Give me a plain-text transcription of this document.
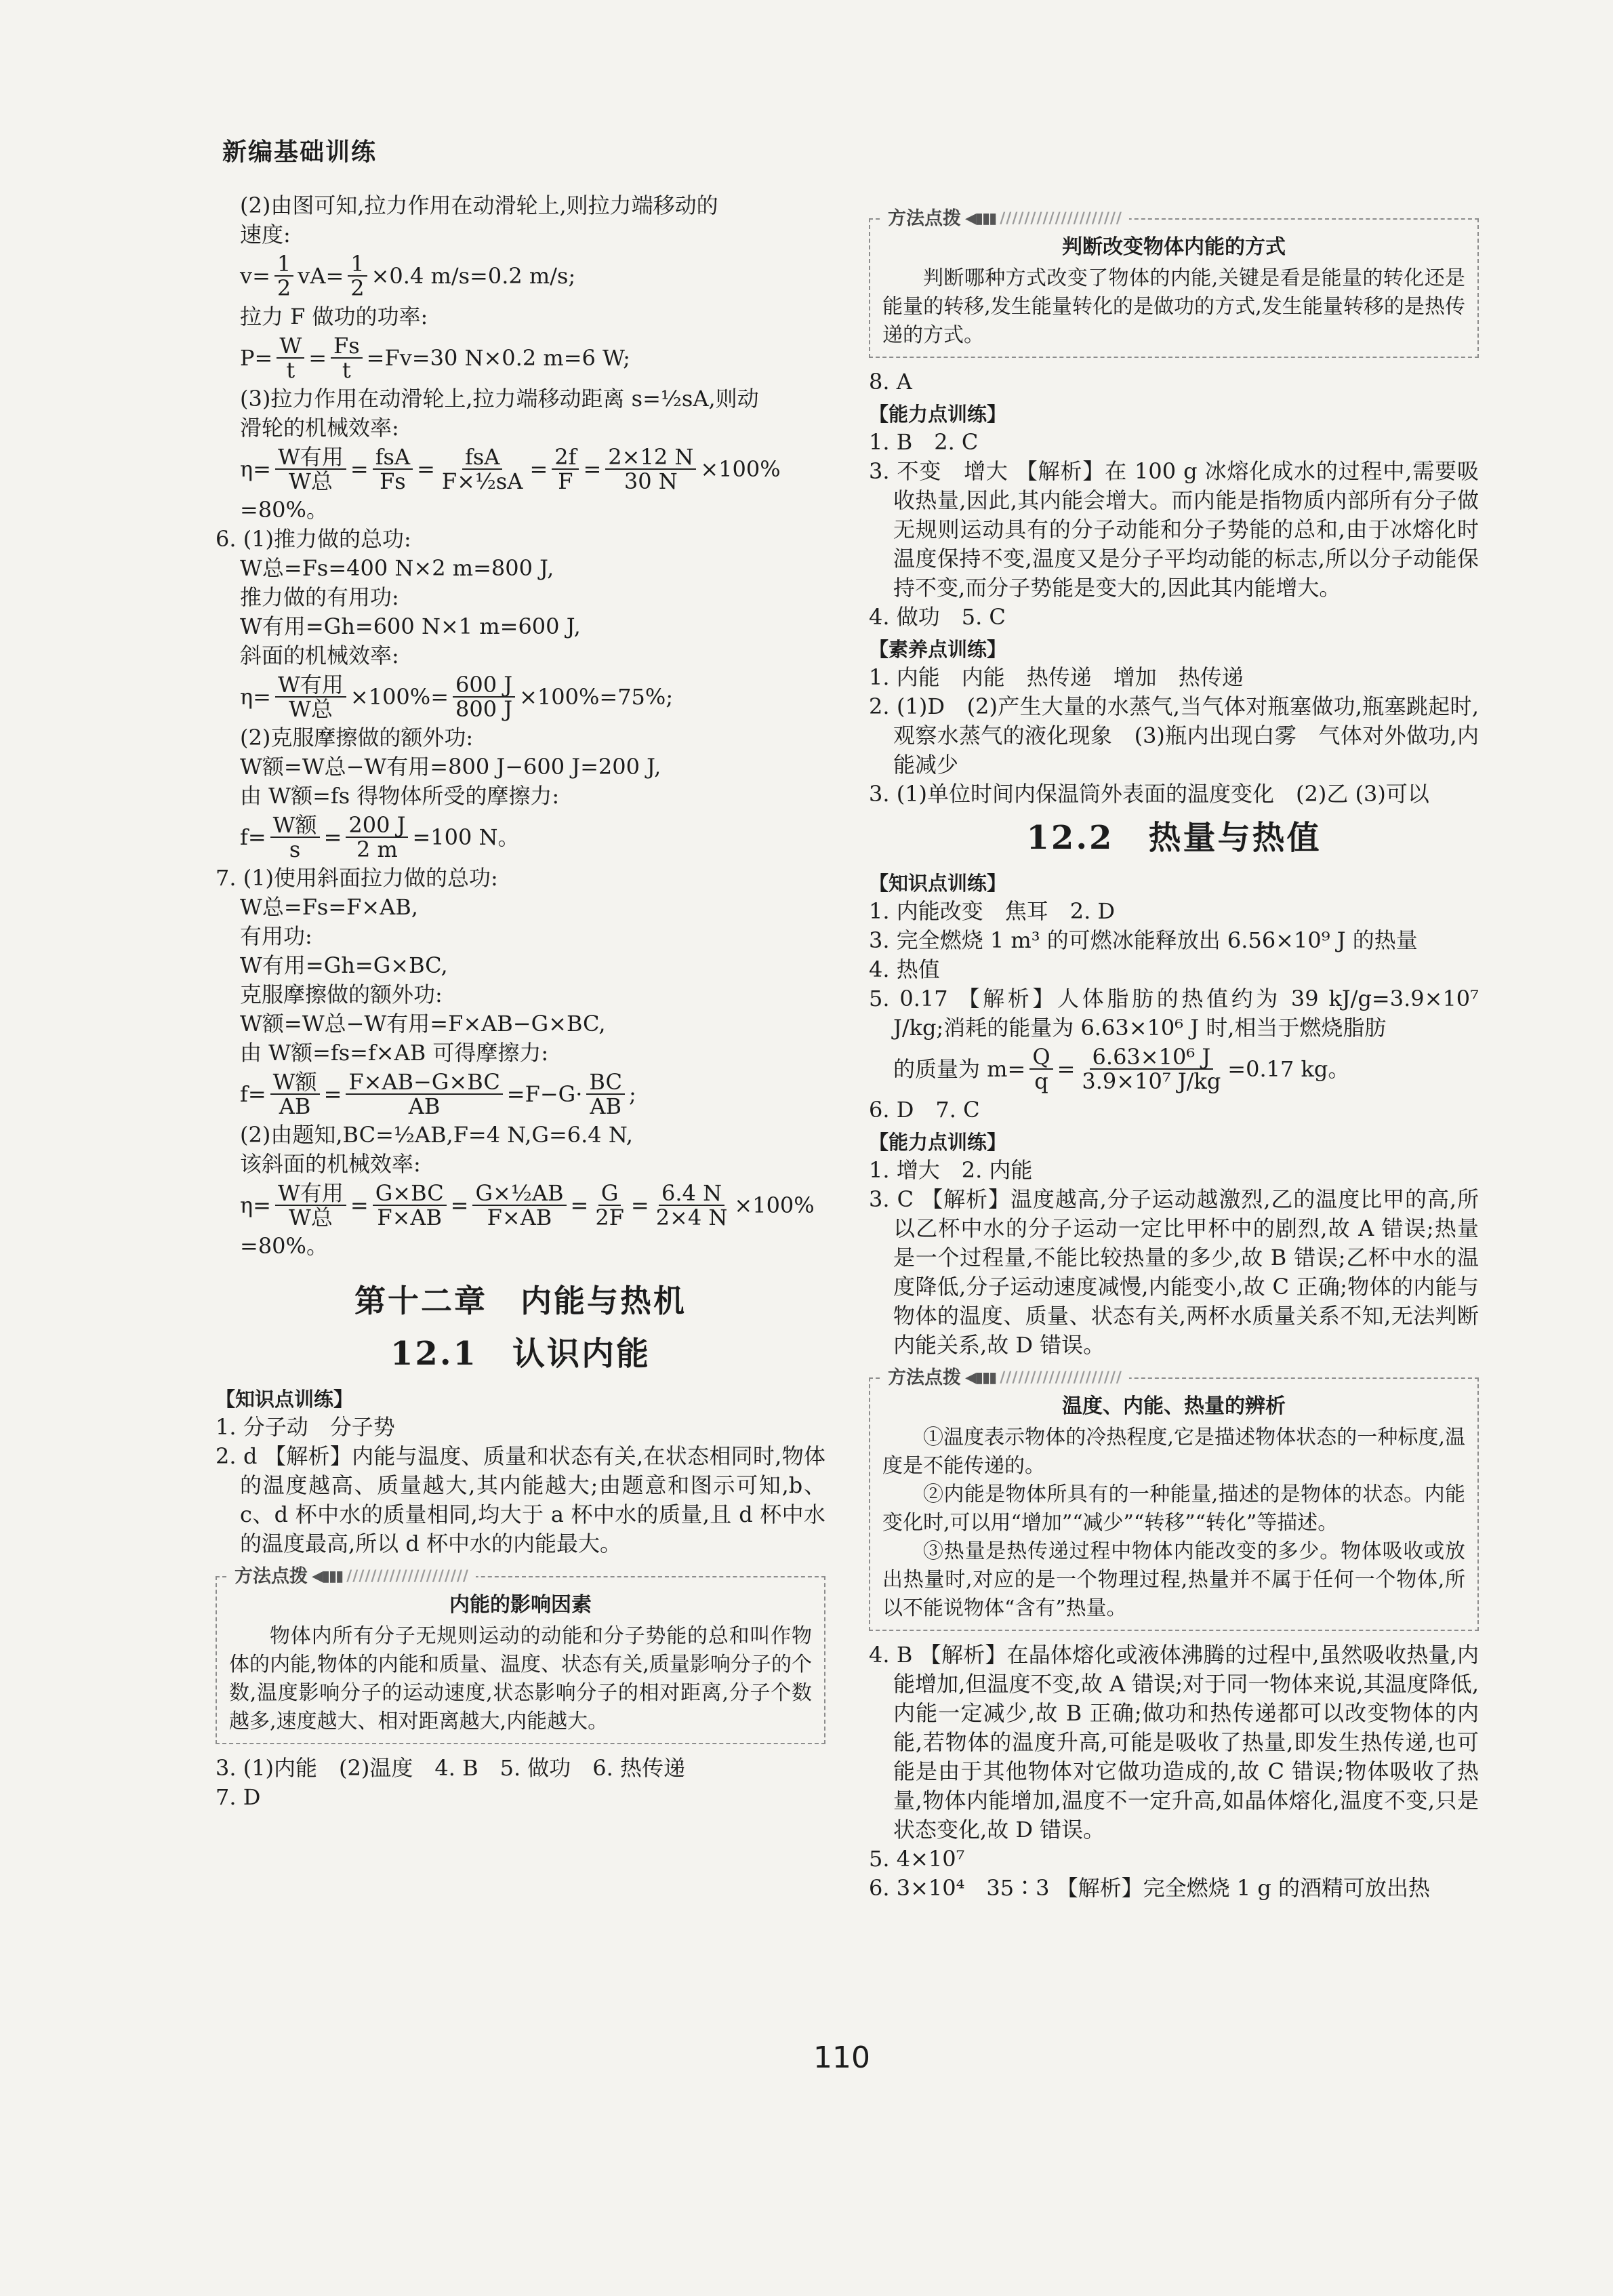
新编基础训练
(2)由图可知,拉力作用在动滑轮上,则拉力端移动的
速度:
$v= \frac{1}{2} vA= \frac{1}{2} \times 0.4$ m/s=0.2 m/s;
拉力 F 做功的功率:
$P= \frac{W}{t} = \frac{Fs}{t} =Fv=30$ N×0.2 m=6 W;
(3)拉力作用在动滑轮上,拉力端移动距离 s=½sA,则动
滑轮的机械效率:
$\eta= \frac{\text{W有用}}{\text{W总}} = \frac{\text{fsA}}{Fs} = \frac{\text{fsA}}{\text{F×½sA}} = \frac{2f}{F} = \frac{2\times 12 N}{30 N} \times 100\%$
=80%。
6. (1)推力做的总功:
W总=Fs=400 N×2 m=800 J,
推力做的有用功:
W有用=Gh=600 N×1 m=600 J,
斜面的机械效率:
$\eta= \frac{\text{W有用}}{\text{W总}} \times 100\%= \frac{600 J}{800 J} \times 100\%=75\%$;
(2)克服摩擦做的额外功:
W额=W总−W有用=800 J−600 J=200 J,
由 W额=fs 得物体所受的摩擦力:
$f= \frac{\text{W额}}{s} = \frac{200 J}{2 m} =100$ N。
7. (1)使用斜面拉力做的总功:
W总=Fs=F×AB,
有用功:
W有用=Gh=G×BC,
克服摩擦做的额外功:
W额=W总−W有用=F×AB−G×BC,
由 W额=fs=f×AB 可得摩擦力:
$f= \frac{\text{W额}}{AB} = \frac{F\times AB-G\times BC}{AB} =F-G\cdot \frac{BC}{AB}$ ;
(2)由题知,BC=½AB,F=4 N,G=6.4 N,
该斜面的机械效率:
$\eta= \frac{\text{W有用}}{\text{W总}} = \frac{G\times BC}{F\times AB} = \frac{\text{G×½AB}}{F\times AB} = \frac{G}{2F} = \frac{6.4 N}{2\times 4 N} \times 100\%$
=80%。
第十二章　内能与热机
12.1　认识内能
【知识点训练】
1. 分子动　分子势
2. d 【解析】内能与温度、质量和状态有关,在状态相同时,物体的温度越高、质量越大,其内能越大;由题意和图示可知,b、c、d 杯中水的质量相同,均大于 a 杯中水的质量,且 d 杯中水的温度最高,所以 d 杯中水的内能最大。
方法点拨 ◀▮▮▮ ////////////////////
内能的影响因素
物体内所有分子无规则运动的动能和分子势能的总和叫作物体的内能,物体的内能和质量、温度、状态有关,质量影响分子的个数,温度影响分子的运动速度,状态影响分子的相对距离,分子个数越多,速度越大、相对距离越大,内能越大。
3. (1)内能　(2)温度　4. B　5. 做功　6. 热传递
7. D
方法点拨 ◀▮▮▮ ////////////////////
判断改变物体内能的方式
判断哪种方式改变了物体的内能,关键是看是能量的转化还是能量的转移,发生能量转化的是做功的方式,发生能量转移的是热传递的方式。
8. A
【能力点训练】
1. B　2. C
3. 不变　增大 【解析】在 100 g 冰熔化成水的过程中,需要吸收热量,因此,其内能会增大。而内能是指物质内部所有分子做无规则运动具有的分子动能和分子势能的总和,由于冰熔化时温度保持不变,温度又是分子平均动能的标志,所以分子动能保持不变,而分子势能是变大的,因此其内能增大。
4. 做功　5. C
【素养点训练】
1. 内能　内能　热传递　增加　热传递
2. (1)D　(2)产生大量的水蒸气,当气体对瓶塞做功,瓶塞跳起时,观察水蒸气的液化现象　(3)瓶内出现白雾　气体对外做功,内能减少
3. (1)单位时间内保温筒外表面的温度变化　(2)乙 (3)可以
12.2　热量与热值
【知识点训练】
1. 内能改变　焦耳　2. D
3. 完全燃烧 1 m³ 的可燃冰能释放出 6.56×10⁹ J 的热量
4. 热值
5. 0.17 【解析】人体脂肪的热值约为 39 kJ/g=3.9×10⁷ J/kg;消耗的能量为 6.63×10⁶ J 时,相当于燃烧脂肪
的质量为 $m= \frac{Q}{q} = \frac{\text{6.63×10⁶ J}}{\text{3.9×10⁷ J/kg}} =0.17$ kg。
6. D　7. C
【能力点训练】
1. 增大　2. 内能
3. C 【解析】温度越高,分子运动越激烈,乙的温度比甲的高,所以乙杯中水的分子运动一定比甲杯中的剧烈,故 A 错误;热量是一个过程量,不能比较热量的多少,故 B 错误;乙杯中水的温度降低,分子运动速度减慢,内能变小,故 C 正确;物体的内能与物体的温度、质量、状态有关,两杯水质量关系不知,无法判断内能关系,故 D 错误。
方法点拨 ◀▮▮▮ ////////////////////
温度、内能、热量的辨析
①温度表示物体的冷热程度,它是描述物体状态的一种标度,温度是不能传递的。
②内能是物体所具有的一种能量,描述的是物体的状态。内能变化时,可以用“增加”“减少”“转移”“转化”等描述。
③热量是热传递过程中物体内能改变的多少。物体吸收或放出热量时,对应的是一个物理过程,热量并不属于任何一个物体,所以不能说物体“含有”热量。
4. B 【解析】在晶体熔化或液体沸腾的过程中,虽然吸收热量,内能增加,但温度不变,故 A 错误;对于同一物体来说,其温度降低,内能一定减少,故 B 正确;做功和热传递都可以改变物体的内能,若物体的温度升高,可能是吸收了热量,即发生热传递,也可能是由于其他物体对它做功造成的,故 C 错误;物体吸收了热量,物体内能增加,温度不一定升高,如晶体熔化,温度不变,只是状态变化,故 D 错误。
5. 4×10⁷
6. 3×10⁴　35∶3 【解析】完全燃烧 1 g 的酒精可放出热
110
